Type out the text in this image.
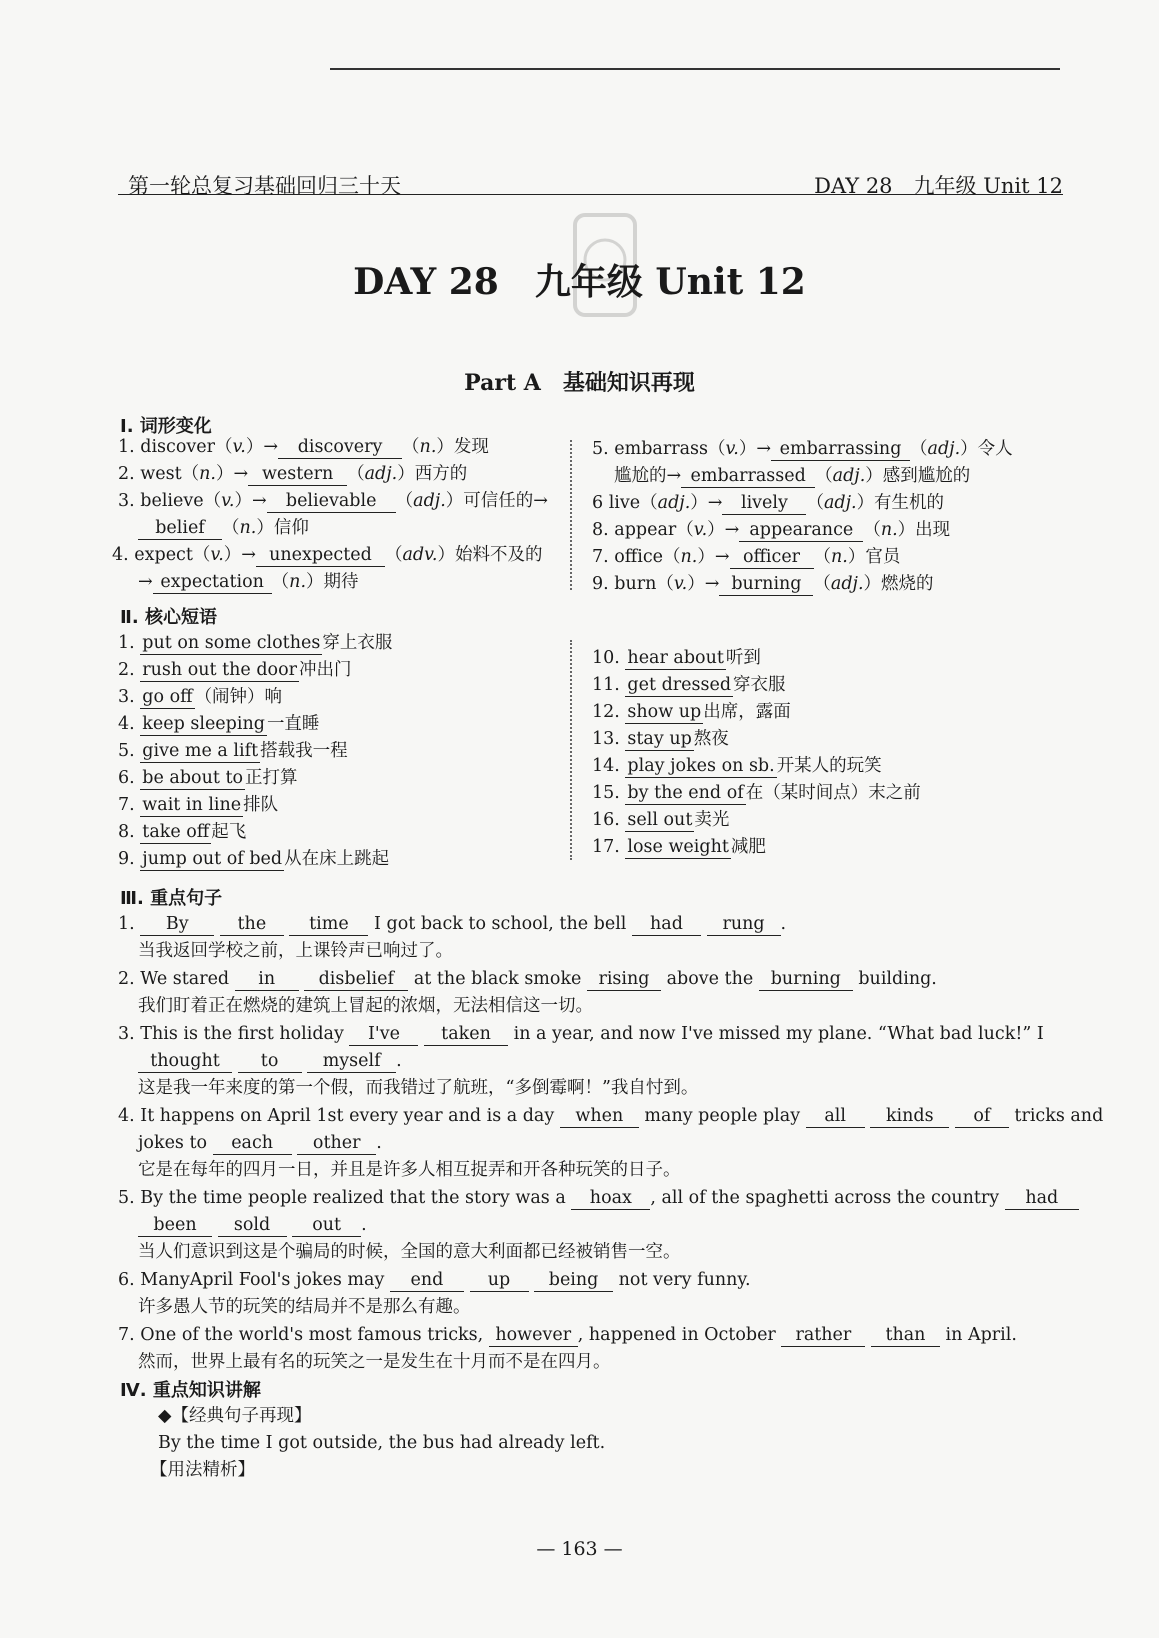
第一轮总复习基础回归三十天	DAY 28　九年级 Unit 12
DAY 28　九年级 Unit 12
Part A　基础知识再现
Ⅰ. 词形变化
1. discover（v.）→ discovery （n.）发现
2. west（n.）→ western （adj.）西方的
3. believe（v.）→ believable （adj.）可信任的→
belief （n.）信仰
4. expect（v.）→ unexpected （adv.）始料不及的
→ expectation （n.）期待
5. embarrass（v.）→ embarrassing （adj.）令人
尴尬的→ embarrassed （adj.）感到尴尬的
6 live（adj.）→ lively （adj.）有生机的
8. appear（v.）→ appearance （n.）出现
7. office（n.）→ officer （n.）官员
9. burn（v.）→ burning （adj.）燃烧的
Ⅱ. 核心短语
1. put on some clothes 穿上衣服
2. rush out the door 冲出门
3. go off （闹钟）响
4. keep sleeping 一直睡
5. give me a lift 搭载我一程
6. be about to 正打算
7. wait in line 排队
8. take off 起飞
9. jump out of bed 从在床上跳起
10. hear about 听到
11. get dressed 穿衣服
12. show up 出席，露面
13. stay up 熬夜
14. play jokes on sb. 开某人的玩笑
15. by the end of 在（某时间点）末之前
16. sell out 卖光
17. lose weight 减肥
Ⅲ. 重点句子
1. By	the time I got back to school, the bell had rung .
当我返回学校之前，上课铃声已响过了。
2. We stared in disbelief at the black smoke rising above the burning building.
我们盯着正在燃烧的建筑上冒起的浓烟，无法相信这一切。
3. This is the first holiday I've taken in a year, and now I've missed my plane. “What bad luck!” I
thought to	myself .
这是我一年来度的第一个假，而我错过了航班，“多倒霉啊！”我自忖到。
4. It happens on April 1st every year and is a day when many people play all kinds of tricks and
jokes to each other .
它是在每年的四月一日，并且是许多人相互捉弄和开各种玩笑的日子。
5. By the time people realized that the story was a hoax , all of the spaghetti across the country had
been sold out .
当人们意识到这是个骗局的时候，全国的意大利面都已经被销售一空。
6. ManyApril Fool's jokes may end	up being not very funny.
许多愚人节的玩笑的结局并不是那么有趣。
7. One of the world's most famous tricks, however , happened in October rather than in April.
然而，世界上最有名的玩笑之一是发生在十月而不是在四月。
Ⅳ. 重点知识讲解
◆【经典句子再现】
By the time I got outside, the bus had already left.
【用法精析】
— 163 —
